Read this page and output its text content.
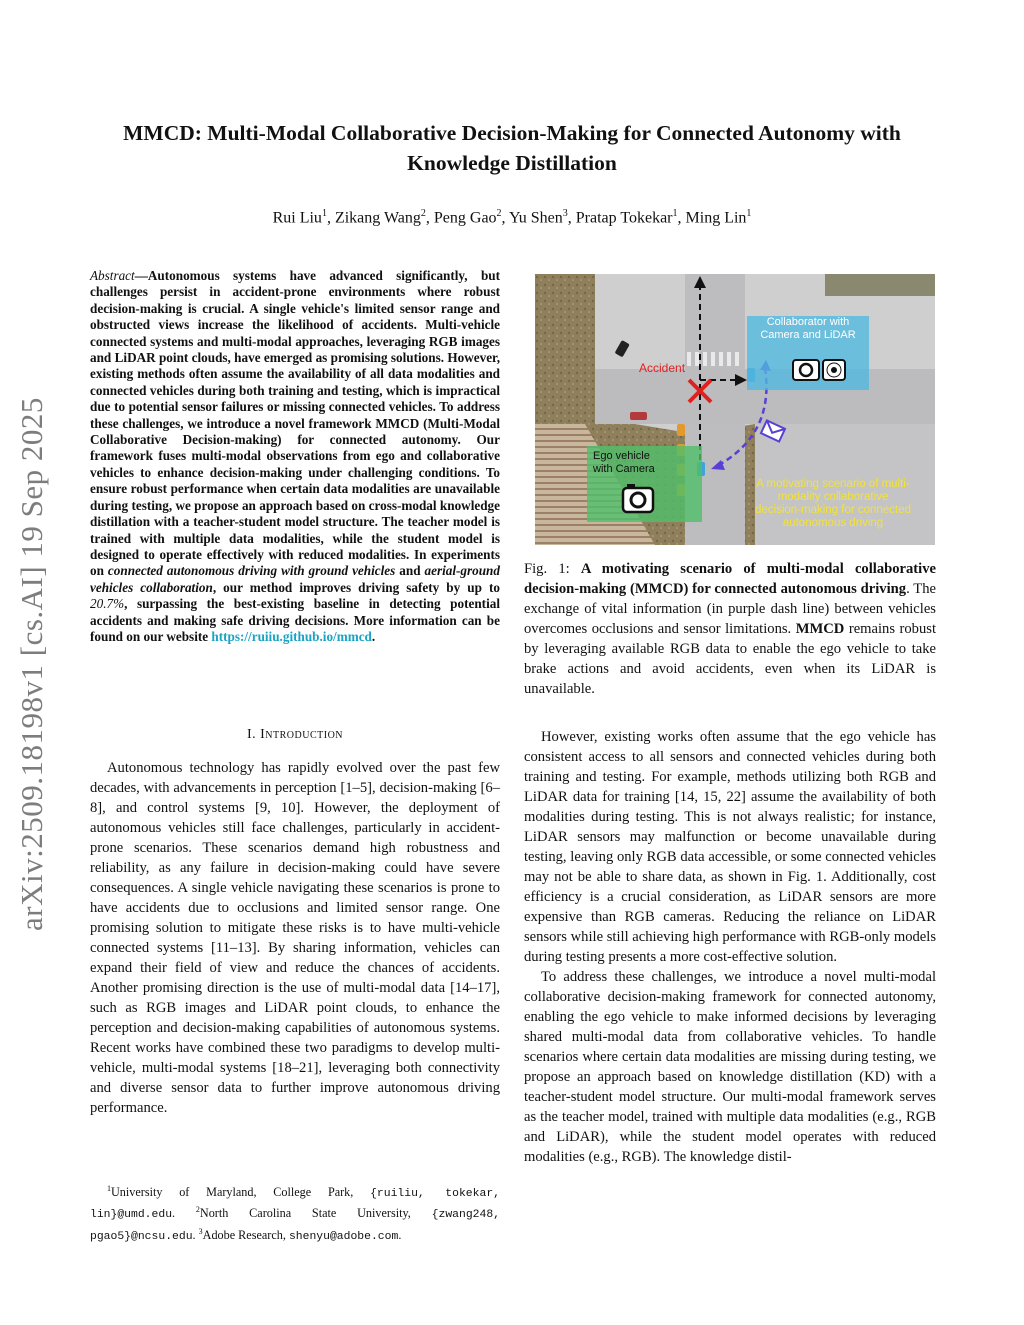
arXiv:2509.18198v1 [cs.AI] 19 Sep 2025
MMCD: Multi-Modal Collaborative Decision-Making for Connected Autonomy with
Knowledge Distillation
Rui Liu$^1$, Zikang Wang$^2$, Peng Gao$^2$, Yu Shen$^3$, Pratap Tokekar$^1$, Ming Lin$^1$
Abstract—Autonomous systems have advanced significantly, but challenges persist in accident-prone environments where robust decision-making is crucial. A single vehicle's limited sensor range and obstructed views increase the likelihood of accidents. Multi-vehicle connected systems and multi-modal approaches, leveraging RGB images and LiDAR point clouds, have emerged as promising solutions. However, existing methods often assume the availability of all data modalities and connected vehicles during both training and testing, which is impractical due to potential sensor failures or missing connected vehicles. To address these challenges, we introduce a novel framework MMCD (Multi-Modal Collaborative Decision-making) for connected autonomy. Our framework fuses multi-modal observations from ego and collaborative vehicles to enhance decision-making under challenging conditions. To ensure robust performance when certain data modalities are unavailable during testing, we propose an approach based on cross-modal knowledge distillation with a teacher-student model structure. The teacher model is trained with multiple data modalities, while the student model is designed to operate effectively with reduced modalities. In experiments on connected autonomous driving with ground vehicles and aerial-ground vehicles collaboration, our method improves driving safety by up to 20.7%, surpassing the best-existing baseline in detecting potential accidents and making safe driving decisions. More information can be found on our website https://ruiiu.github.io/mmcd.
I. Introduction

Autonomous technology has rapidly evolved over the past few decades, with advancements in perception [1–5], decision-making [6–8], and control systems [9, 10]. However, the deployment of autonomous vehicles still face challenges, particularly in accident-prone scenarios. These scenarios demand high robustness and reliability, as any failure in decision-making could have severe consequences. A single vehicle navigating these scenarios is prone to have accidents due to occlusions and limited sensor range. One promising solution to mitigate these risks is to have multi-vehicle connected systems [11–13]. By sharing information, vehicles can expand their field of view and reduce the chances of accidents. Another promising direction is the use of multi-modal data [14–17], such as RGB images and LiDAR point clouds, to enhance the perception and decision-making capabilities of autonomous systems. Recent works have combined these two paradigms to develop multi-vehicle, multi-modal systems [18–21], leveraging both connectivity and diverse sensor data to further improve autonomous driving performance.

$^1$University of Maryland, College Park, {ruiliu, tokekar, lin}@umd.edu. $^2$North Carolina State University, {zwang248, pgao5}@ncsu.edu. $^3$Adobe Research, shenyu@adobe.com.
Collaborator with
Camera and LiDAR
Accident
Ego vehicle
with Camera
A motivating scenario of multi-
modality collaborative
decision-making for connected
autonomous driving
Fig. 1: A motivating scenario of multi-modal collaborative decision-making (MMCD) for connected autonomous driving. The exchange of vital information (in purple dash line) between vehicles overcomes occlusions and sensor limitations. MMCD remains robust by leveraging available RGB data to enable the ego vehicle to take brake actions and avoid accidents, even when its LiDAR is unavailable.

However, existing works often assume that the ego vehicle has consistent access to all sensors and connected vehicles during both training and testing. For example, methods utilizing both RGB and LiDAR data for training [14, 15, 22] assume the availability of both modalities during testing. This is not always realistic; for instance, LiDAR sensors may malfunction or become unavailable during testing, leaving only RGB data accessible, or some connected vehicles may not be able to share data, as shown in Fig. 1. Additionally, cost efficiency is a crucial consideration, as LiDAR sensors are more expensive than RGB cameras. Reducing the reliance on LiDAR sensors while still achieving high performance with RGB-only models during testing presents a more cost-effective solution.

To address these challenges, we introduce a novel multi-modal collaborative decision-making framework for connected autonomy, enabling the ego vehicle to make informed decisions by leveraging shared multi-modal data from collaborative vehicles. To handle scenarios where certain data modalities are missing during testing, we propose an approach based on knowledge distillation (KD) with a teacher-student model structure. Our multi-modal framework serves as the teacher model, trained with multiple data modalities (e.g., RGB and LiDAR), while the student model operates with reduced modalities (e.g., RGB). The knowledge distil-
